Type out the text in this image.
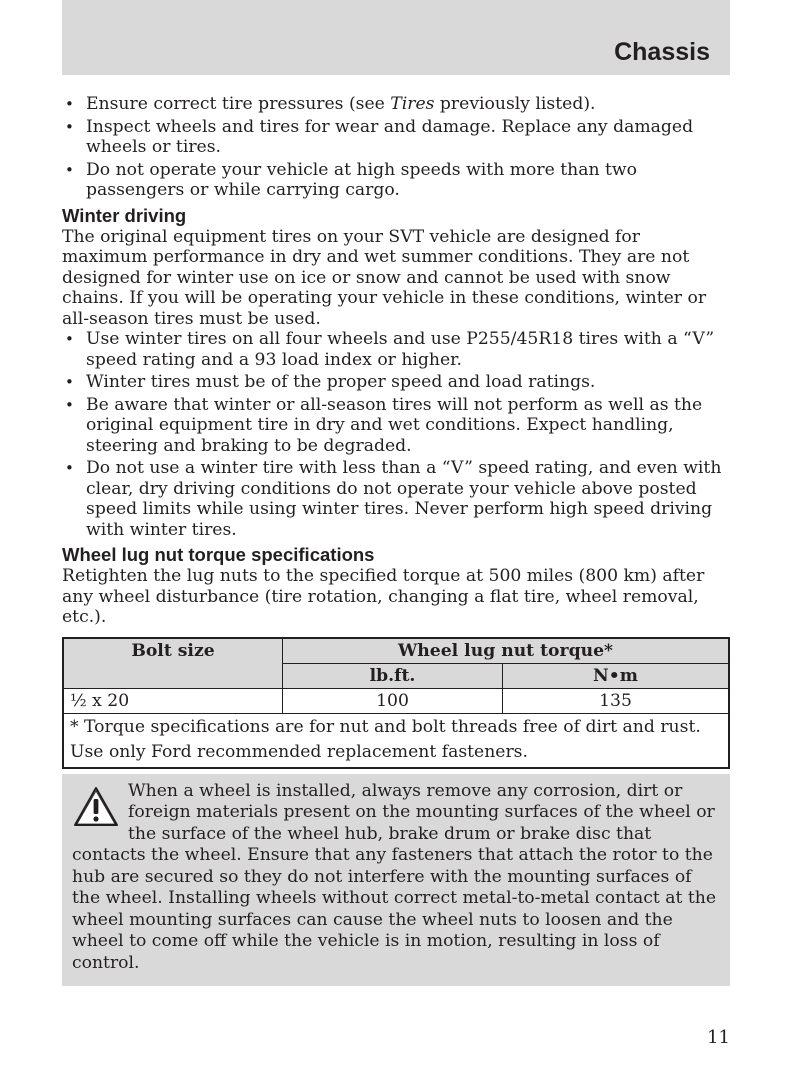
Chassis
• Ensure correct tire pressures (see Tires previously listed).
• Inspect wheels and tires for wear and damage. Replace any damaged wheels or tires.
• Do not operate your vehicle at high speeds with more than two passengers or while carrying cargo.
Winter driving

The original equipment tires on your SVT vehicle are designed for maximum performance in dry and wet summer conditions. They are not designed for winter use on ice or snow and cannot be used with snow chains. If you will be operating your vehicle in these conditions, winter or all-season tires must be used.

• Use winter tires on all four wheels and use P255/45R18 tires with a “V” speed rating and a 93 load index or higher.
• Winter tires must be of the proper speed and load ratings.
• Be aware that winter or all-season tires will not perform as well as the original equipment tire in dry and wet conditions. Expect handling, steering and braking to be degraded.
• Do not use a winter tire with less than a “V” speed rating, and even with clear, dry driving conditions do not operate your vehicle above posted speed limits while using winter tires. Never perform high speed driving with winter tires.
Wheel lug nut torque specifications

Retighten the lug nuts to the specified torque at 500 miles (800 km) after any wheel disturbance (tire rotation, changing a flat tire, wheel removal, etc.).

Bolt size	Wheel lug nut torque*	
	lb.ft.	N•m
½ x 20	100	135
* Torque specifications are for nut and bolt threads free of dirt and rust. Use only Ford recommended replacement fasteners.		
When a wheel is installed, always remove any corrosion, dirt or foreign materials present on the mounting surfaces of the wheel or the surface of the wheel hub, brake drum or brake disc that contacts the wheel. Ensure that any fasteners that attach the rotor to the hub are secured so they do not interfere with the mounting surfaces of the wheel. Installing wheels without correct metal-to-metal contact at the wheel mounting surfaces can cause the wheel nuts to loosen and the wheel to come off while the vehicle is in motion, resulting in loss of control.
11
